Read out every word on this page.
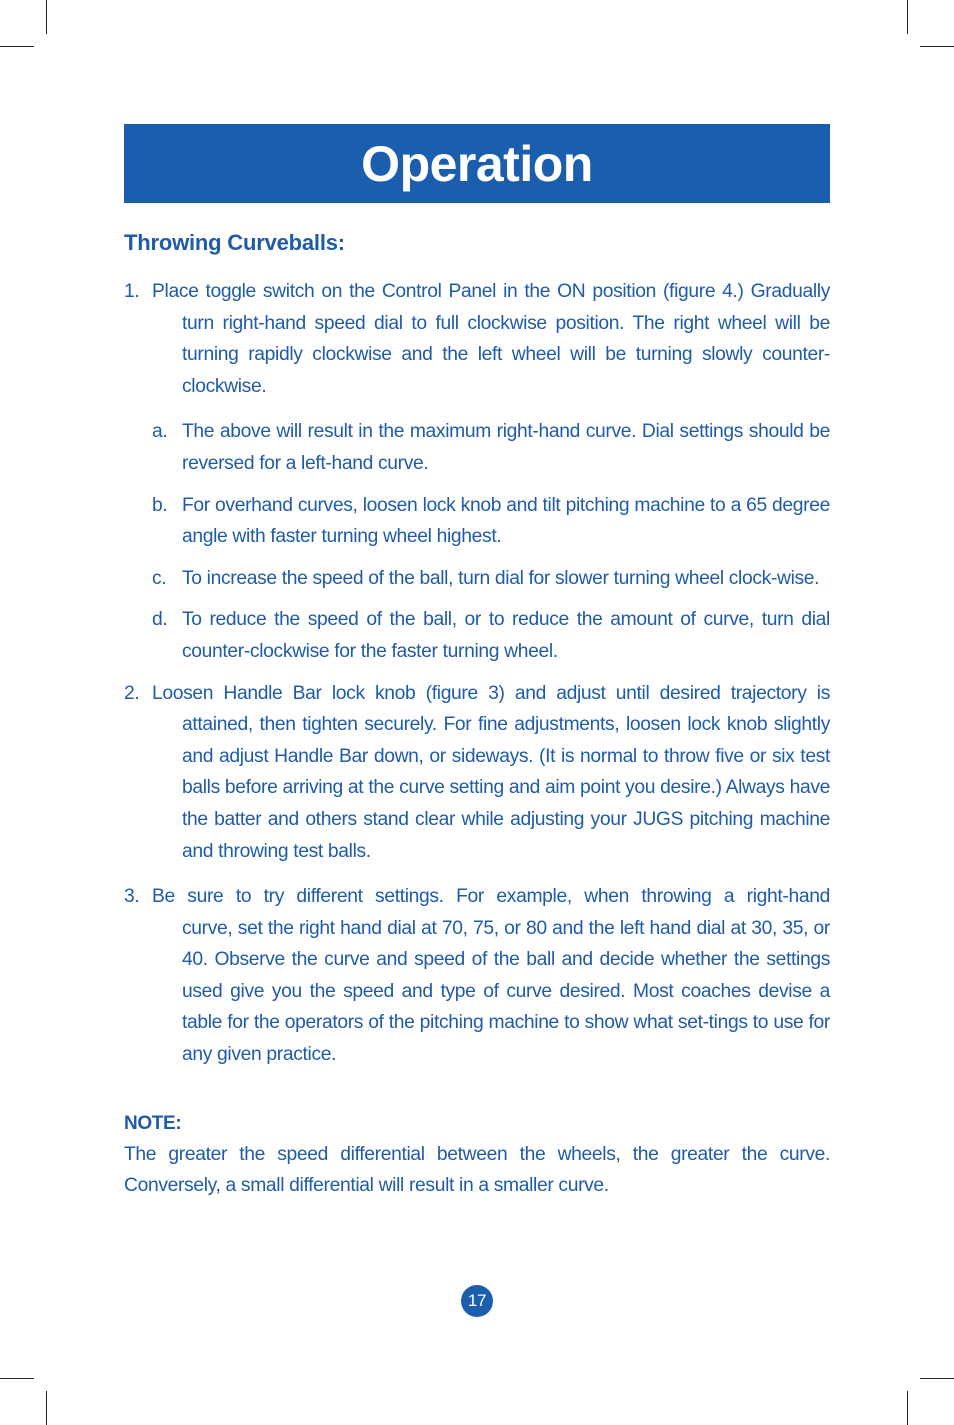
Operation
Throwing Curveballs:
1. Place toggle switch on the Control Panel in the ON position (figure 4.) Gradually
turn right-hand speed dial to full clockwise position. The right wheel will be turning rapidly clockwise and the left wheel will be turning slowly counter-clockwise.
a. The above will result in the maximum right-hand curve. Dial settings should be reversed for a left-hand curve.
b. For overhand curves, loosen lock knob and tilt pitching machine to a 65 degree angle with faster turning wheel highest.
c. To increase the speed of the ball, turn dial for slower turning wheel clock-wise.
d. To reduce the speed of the ball, or to reduce the amount of curve, turn dial counter-clockwise for the faster turning wheel.
2. Loosen Handle Bar lock knob (figure 3) and adjust until desired trajectory is
attained, then tighten securely. For fine adjustments, loosen lock knob slightly and adjust Handle Bar down, or sideways. (It is normal to throw five or six test balls before arriving at the curve setting and aim point you desire.) Always have the batter and others stand clear while adjusting your JUGS pitching machine and throwing test balls.
3. Be sure to try different settings. For example, when throwing a right-hand
curve, set the right hand dial at 70, 75, or 80 and the left hand dial at 30, 35, or 40. Observe the curve and speed of the ball and decide whether the settings used give you the speed and type of curve desired. Most coaches devise a table for the operators of the pitching machine to show what set-tings to use for any given practice.
NOTE:
The greater the speed differential between the wheels, the greater the curve. Conversely, a small differential will result in a smaller curve.
17
